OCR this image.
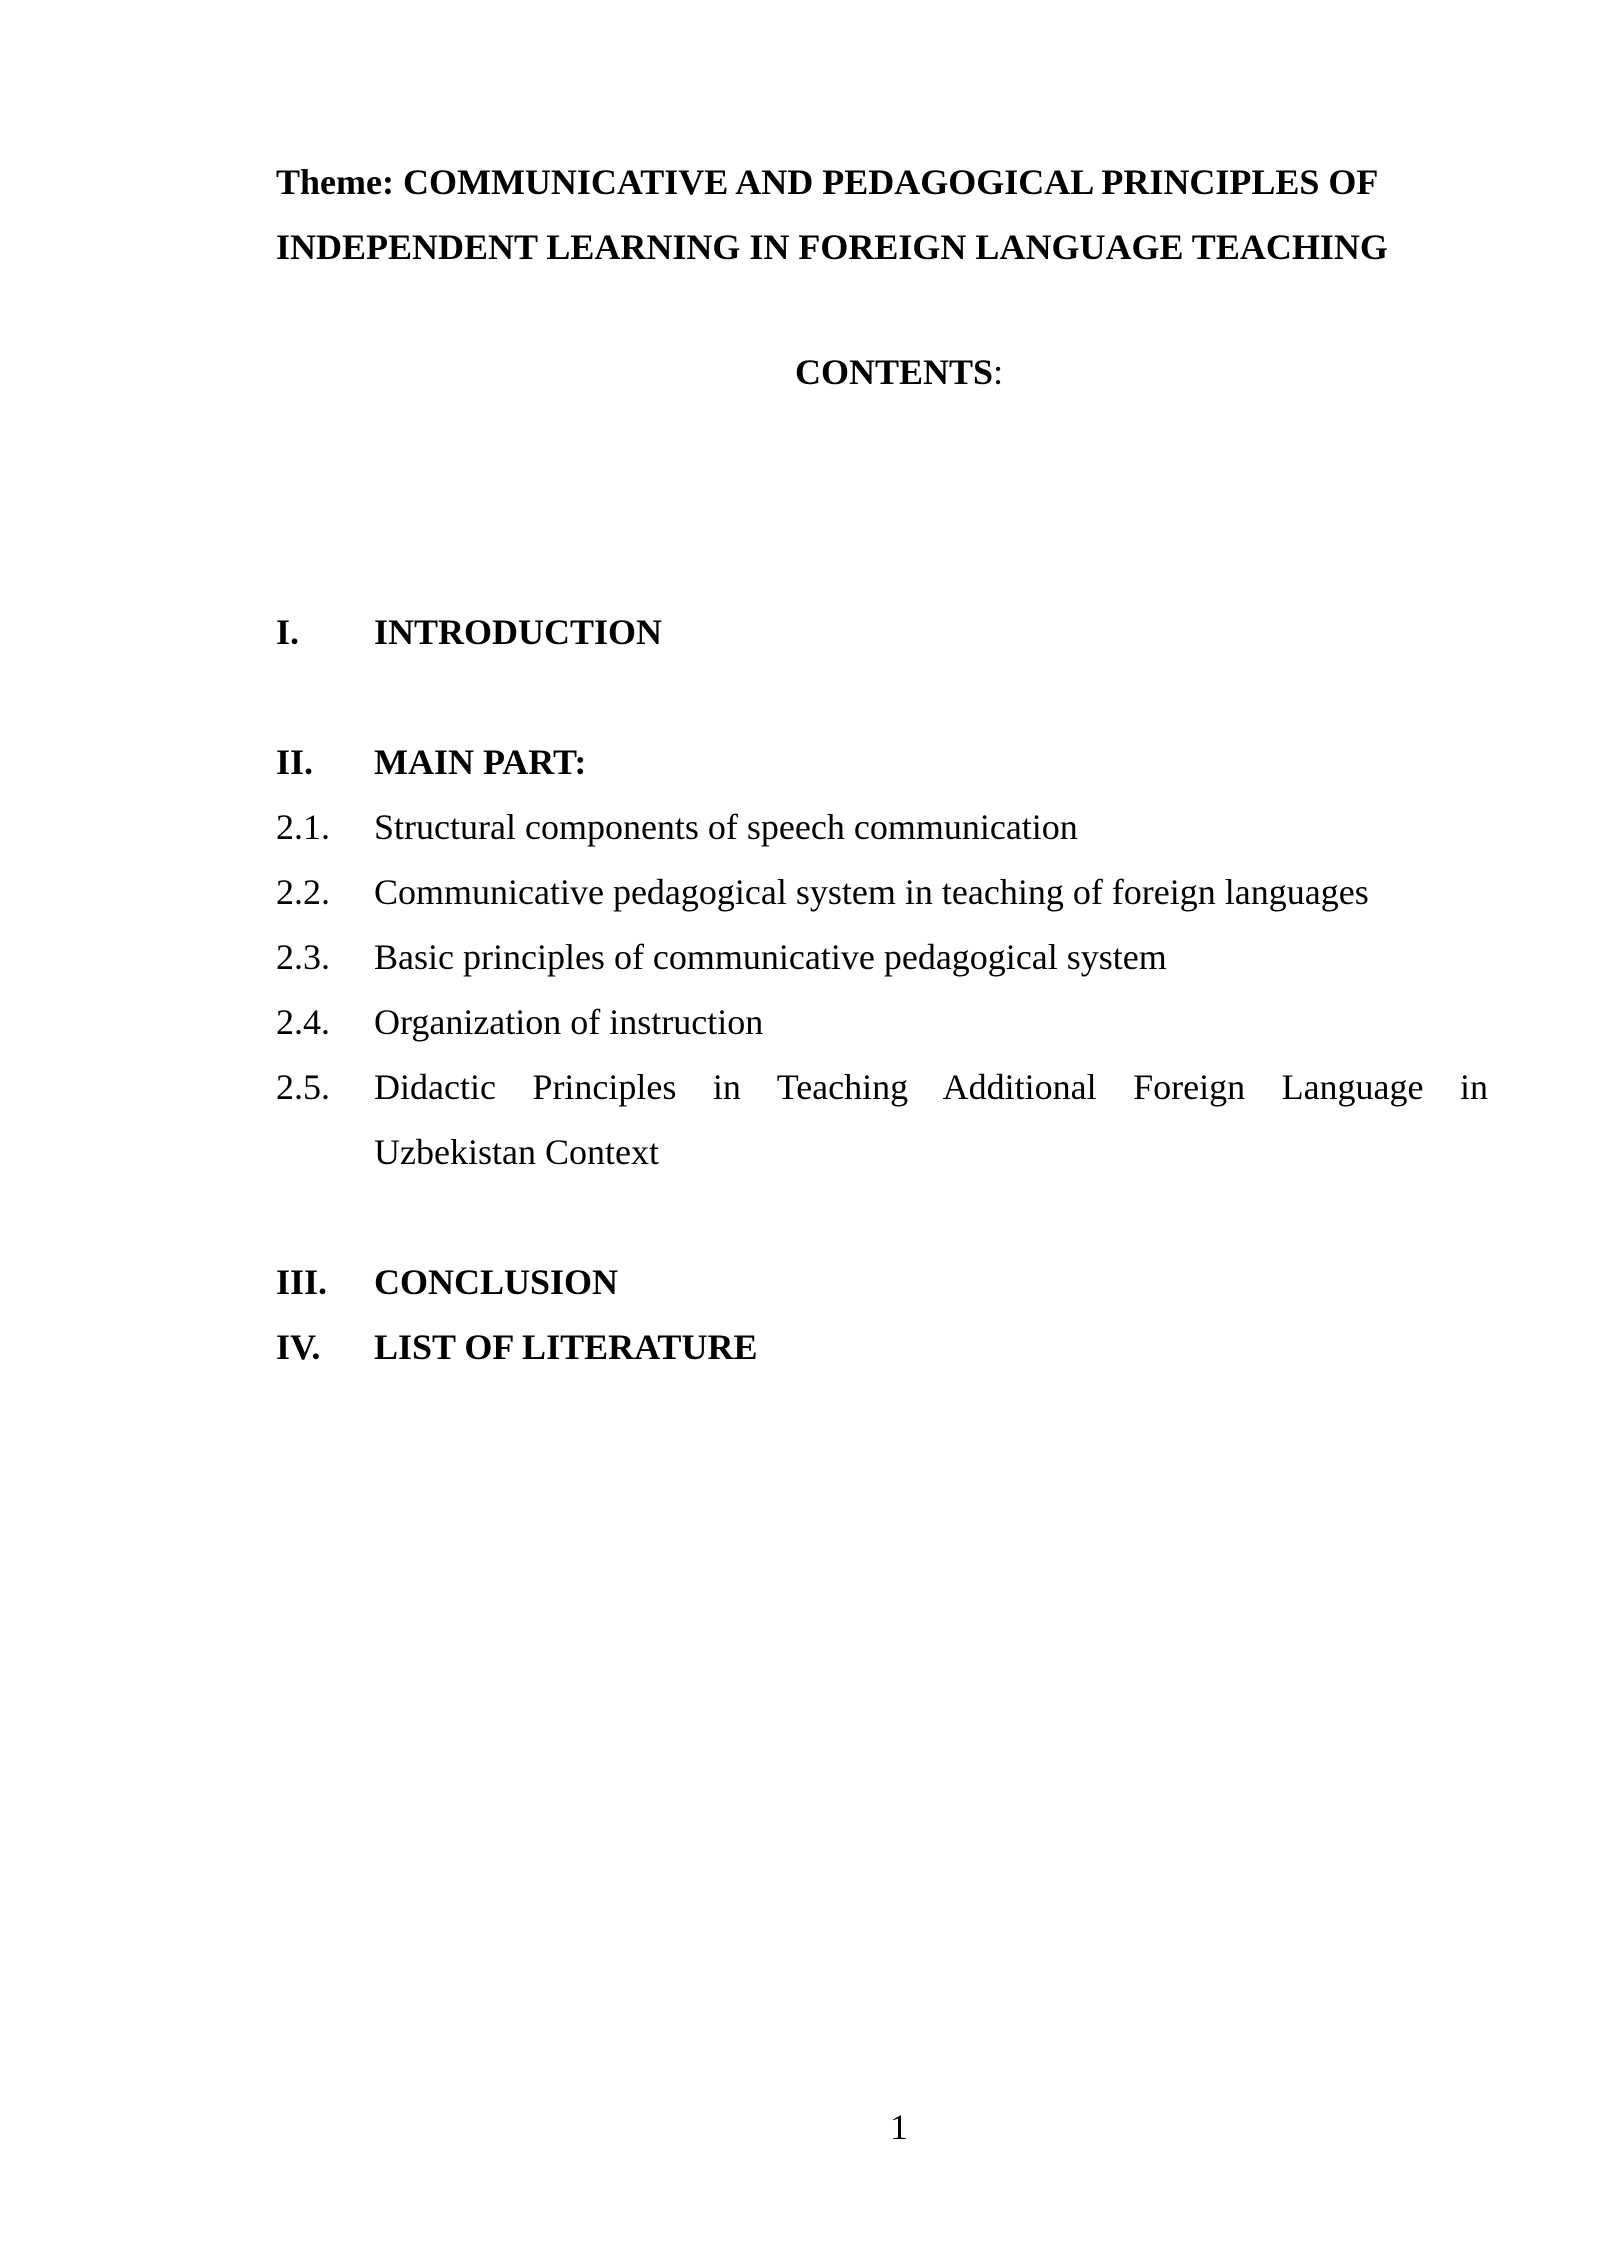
Theme: COMMUNICATIVE AND PEDAGOGICAL PRINCIPLES OF
INDEPENDENT LEARNING IN FOREIGN LANGUAGE TEACHING
CONTENTS:
I. INTRODUCTION
II. MAIN PART:
2.1. Structural components of speech communication
2.2. Communicative pedagogical system in teaching of foreign languages
2.3. Basic principles of communicative pedagogical system
2.4. Organization of instruction
2.5. Didactic Principles in Teaching Additional Foreign Language in
Uzbekistan Context
III. CONCLUSION
IV. LIST OF LITERATURE
1
